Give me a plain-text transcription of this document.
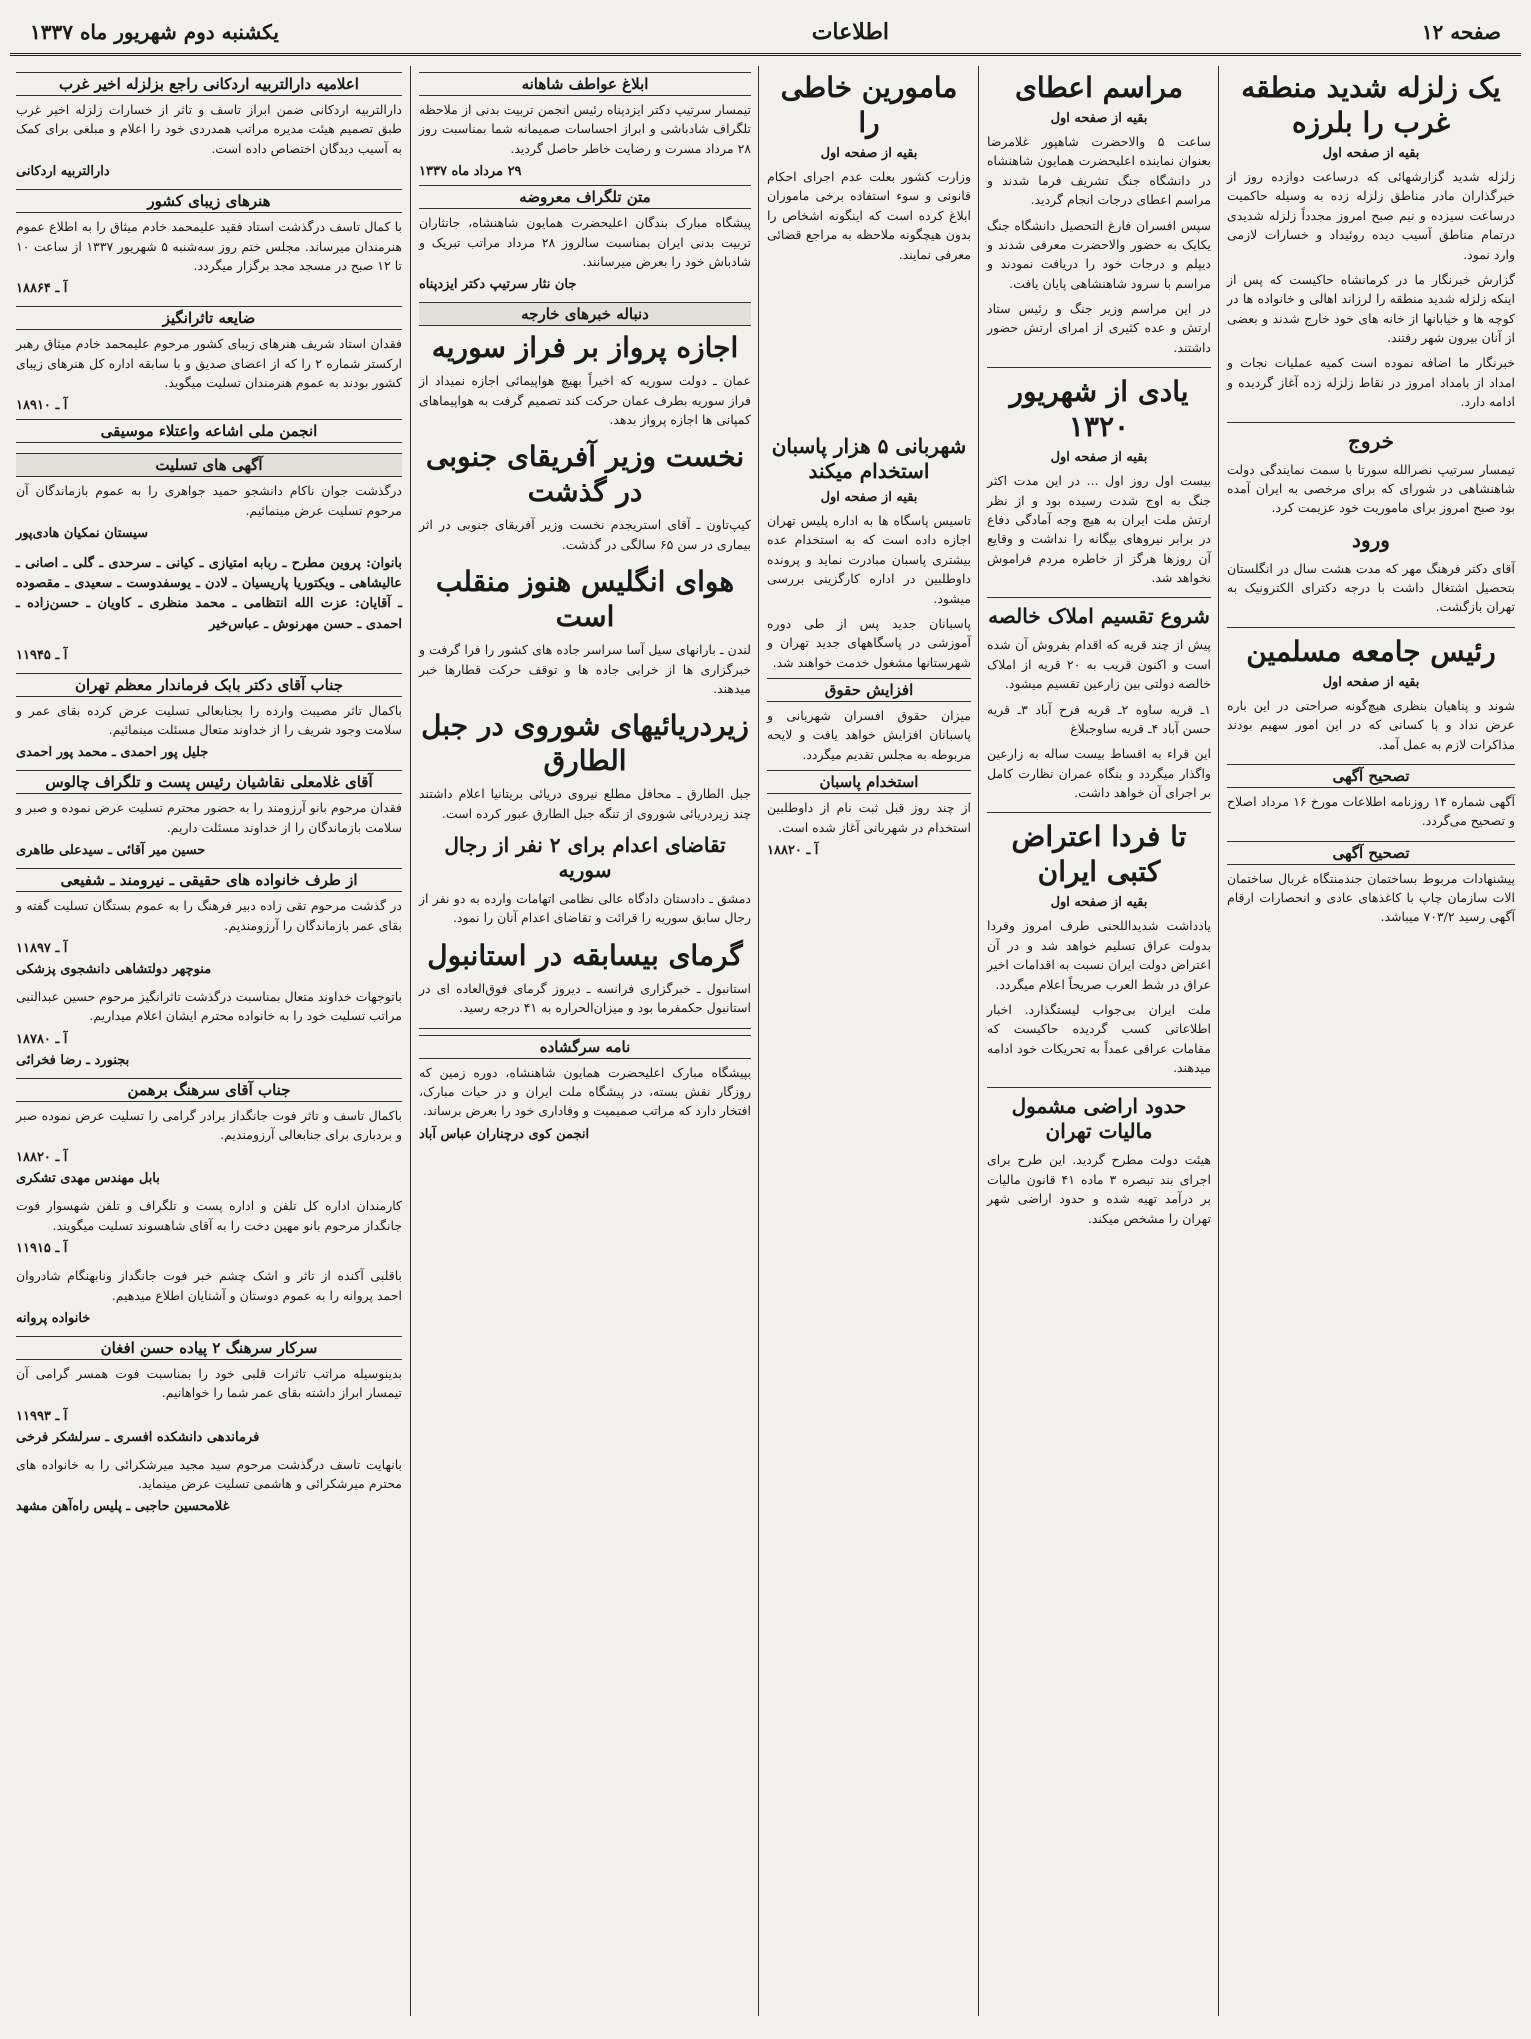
صفحه ۱۲
اطلاعات
یکشنبه دوم شهریور ماه ۱۳۳۷
یک زلزله شدید منطقه غرب را بلرزه
بقیه از صفحه اول

زلزله شدید گزارشهائی که درساعت دوازده روز از خبرگذاران مادر مناطق زلزله زده به وسیله حاکمیت درساعت سیزده و نیم صبح امروز مجدداً زلزله شدیدی درتمام مناطق آسیب دیده روئیداد و خسارات لازمی وارد نمود.

گزارش خبرنگار ما در کرمانشاه حاکیست که پس از اینکه زلزله شدید منطقه را لرزاند اهالی و خانواده ها در کوچه ها و خیابانها از خانه های خود خارج شدند و بعضی از آنان بیرون شهر رفتند.

خبرنگار ما اضافه نموده است کمیه عملیات نجات و امداد از بامداد امروز در نقاط زلزله زده آغاز گردیده و ادامه دارد.

خروج

تیمسار سرتیپ نصرالله سورتا با سمت نمایندگی دولت شاهنشاهی در شورای که برای مرخصی به ایران آمده بود صبح امروز برای ماموریت خود عزیمت کرد.

ورود

آقای دکتر فرهنگ مهر که مدت هشت سال در انگلستان بتحصیل اشتغال داشت با درجه دکترای الکترونیک به تهران بازگشت.

رئیس جامعه مسلمین
بقیه از صفحه اول

شوند و پناهیان بنظری هیچ‌گونه صراحتی در این باره عرض نداد و با کسانی که در این امور سهیم بودند مذاکرات لازم به عمل آمد.

تصحیح آگهی

آگهی شماره ۱۴ روزنامه اطلاعات مورخ ۱۶ مرداد اصلاح و تصحیح می‌گردد.

تصحیح آگهی

پیشنهادات مربوط بساختمان جندمنتگاه غربال ساختمان الات سازمان چاپ با کاغذهای عادی و انحصارات ارقام آگهی رسید ۷۰۳/۲ میباشد.

مراسم اعطای
بقیه از صفحه اول

ساعت ۵ والاحضرت شاهپور غلامرضا بعنوان نماینده اعلیحضرت همایون شاهنشاه در دانشگاه جنگ تشریف فرما شدند و مراسم اعطای درجات انجام گردید.

سپس افسران فارغ التحصیل دانشگاه جنگ یکایک به حضور والاحضرت معرفی شدند و دیپلم و درجات خود را دریافت نمودند و مراسم با سرود شاهنشاهی پایان یافت.

در این مراسم وزیر جنگ و رئیس ستاد ارتش و عده کثیری از امرای ارتش حضور داشتند.

یادی از شهریور ۱۳۲۰
بقیه از صفحه اول

بیست اول روز اول ... در این مدت اکثر جنگ به اوج شدت رسیده بود و از نظر ارتش ملت ایران به هیچ وجه آمادگی دفاع در برابر نیروهای بیگانه را نداشت و وقایع آن روزها هرگز از خاطره مردم فراموش نخواهد شد.

شروع تقسیم املاک خالصه

پیش از چند قریه که اقدام بفروش آن شده است و اکنون قریب به ۲۰ قریه از املاک خالصه دولتی بین زارعین تقسیم میشود.

۱ـ قریه ساوه ۲ـ قریه فرح آباد ۳ـ قریه حسن آباد ۴ـ قریه ساوجبلاغ

این قراء به اقساط بیست ساله به زارعین واگذار میگردد و بنگاه عمران نظارت کامل بر اجرای آن خواهد داشت.

تا فردا اعتراض کتبی ایران
بقیه از صفحه اول

یادداشت شدیداللحنی طرف امروز وفردا بدولت عراق تسلیم خواهد شد و در آن اعتراض دولت ایران نسبت به اقدامات اخیر عراق در شط العرب صریحاً اعلام میگردد.

ملت ایران بی‌جواب لیستگذارد. اخبار اطلاعاتی کسب گردیده حاکیست که مقامات عراقی عمداً به تحریکات خود ادامه میدهند.

حدود اراضی مشمول مالیات تهران

هیئت دولت مطرح گردید. این طرح برای اجرای بند تبصره ۳ ماده ۴۱ قانون مالیات بر درآمد تهیه شده و حدود اراضی شهر تهران را مشخص میکند.

مامورین خاطی را
بقیه از صفحه اول

وزارت کشور بعلت عدم اجرای احکام قانونی و سوء استفاده برخی ماموران ابلاغ کرده است که اینگونه اشخاص را بدون هیچگونه ملاحظه به مراجع قضائی معرفی نمایند.

ابلاغ عواطف شاهانه

تیمسار سرتیپ دکتر ایزدپناه رئیس انجمن تربیت بدنی از ملاحظه تلگراف شادباشی و ابراز احساسات صمیمانه شما بمناسبت روز ۲۸ مرداد مسرت و رضایت خاطر حاصل گردید.

۲۹ مرداد ماه ۱۳۳۷
متن تلگراف معروضه

پیشگاه مبارک بندگان اعلیحضرت همایون شاهنشاه، جانثاران تربیت بدنی ایران بمناسبت سالروز ۲۸ مرداد مراتب تبریک و شادباش خود را بعرض میرسانند.

جان نثار سرتیپ دکتر ایزدپناه
دنباله خبرهای خارجه
اجازه پرواز بر فراز سوریه

عمان ـ دولت سوریه که اخیراً بهیچ هواپیمائی اجازه نمیداد از فراز سوریه بطرف عمان حرکت کند تصمیم گرفت به هواپیماهای کمپانی ها اجازه پرواز بدهد.

نخست وزیر آفریقای جنوبی در گذشت

کیپ‌تاون ـ آقای استریجدم نخست وزیر آفریقای جنوبی در اثر بیماری در سن ۶۵ سالگی در گذشت.

هوای انگلیس هنوز منقلب است

لندن ـ بارانهای سیل آسا سراسر جاده های کشور را فرا گرفت و خبرگزاری ها از خرابی جاده ها و توقف حرکت قطارها خبر میدهند.

زیردریائیهای شوروی در جبل الطارق

جبل الطارق ـ محافل مطلع نیروی دریائی بریتانیا اعلام داشتند چند زیردریائی شوروی از تنگه جبل الطارق عبور کرده است.

تقاضای اعدام برای ۲ نفر از رجال سوریه

دمشق ـ دادستان دادگاه عالی نظامی اتهامات وارده به دو نفر از رجال سابق سوریه را قرائت و تقاضای اعدام آنان را نمود.

گرمای بیسابقه در استانبول

استانبول ـ خبرگزاری فرانسه ـ دیروز گرمای فوق‌العاده ای در استانبول حکمفرما بود و میزان‌الحراره به ۴۱ درجه رسید.

نامه سرگشاده

بپیشگاه مبارک اعلیحضرت همایون شاهنشاه، دوره زمین که روزگار نقش بسته، در پیشگاه ملت ایران و در حیات مبارک، افتخار دارد که مراتب صمیمیت و وفاداری خود را بعرض برساند.

انجمن کوی درچناران عباس آباد
شهربانی ۵ هزار پاسبان استخدام میکند
بقیه از صفحه اول

تاسیس پاسگاه ها به اداره پلیس تهران اجازه داده است که به استخدام عده بیشتری پاسبان مبادرت نماید و پرونده داوطلبین در اداره کارگزینی بررسی میشود.

پاسبانان جدید پس از طی دوره آموزشی در پاسگاههای جدید تهران و شهرستانها مشغول خدمت خواهند شد.

افزایش حقوق

میزان حقوق افسران شهربانی و پاسبانان افزایش خواهد یافت و لایحه مربوطه به مجلس تقدیم میگردد.

استخدام پاسبان

از چند روز قبل ثبت نام از داوطلبین استخدام در شهربانی آغاز شده است.

آ ـ ۱۸۸۲۰
اعلامیه دارالتربیه اردکانی راجع بزلزله اخیر غرب

دارالتربیه اردکانی ضمن ابراز تاسف و تاثر از خسارات زلزله اخیر غرب طبق تصمیم هیئت مدیره مراتب همدردی خود را اعلام و مبلغی برای کمک به آسیب دیدگان اختصاص داده است.

دارالتربیه اردکانی
هنرهای زیبای کشور

با کمال تاسف درگذشت استاد فقید علیمحمد خادم میثاق را به اطلاع عموم هنرمندان میرساند. مجلس ختم روز سه‌شنبه ۵ شهریور ۱۳۳۷ از ساعت ۱۰ تا ۱۲ صبح در مسجد مجد برگزار میگردد.

آ ـ ۱۸۸۶۴
ضایعه تاثرانگیز

فقدان استاد شریف هنرهای زیبای کشور مرحوم علیمحمد خادم میثاق رهبر ارکستر شماره ۲ را که از اعضای صدیق و با سابقه اداره کل هنرهای زیبای کشور بودند به عموم هنرمندان تسلیت میگوید.

آ ـ ۱۸۹۱۰
انجمن ملی اشاعه واعتلاء موسیقی
آگهی های تسلیت

درگذشت جوان ناکام دانشجو حمید جواهری را به عموم بازماندگان آن مرحوم تسلیت عرض مینمائیم.

سیستان نمکیان هادی‌پور

بانوان: پروین مطرح ـ ربابه امتیازی ـ کیانی ـ سرحدی ـ گلی ـ اصانی ـ عالیشاهی ـ ویکتوریا پاریسیان ـ لادن ـ یوسفدوست ـ سعیدی ـ مقصوده ـ آقایان: عزت الله انتظامی ـ محمد منظری ـ کاویان ـ حسن‌زاده ـ احمدی ـ حسن مهرنوش ـ عباس‌خیر

آ ـ ۱۱۹۴۵
جناب آقای دکتر بابک فرماندار معظم تهران

باکمال تاثر مصیبت وارده را بجنابعالی تسلیت عرض کرده بقای عمر و سلامت وجود شریف را از خداوند متعال مسئلت مینمائیم.

جلیل پور احمدی ـ محمد پور احمدی
آقای غلامعلی نقاشیان رئیس پست و تلگراف چالوس

فقدان مرحوم بانو آرزومند را به حضور محترم تسلیت عرض نموده و صبر و سلامت بازماندگان را از خداوند مسئلت داریم.

حسین میر آقائی ـ سیدعلی طاهری
از طرف خانواده های حقیقی ـ نیرومند ـ شفیعی

در گذشت مرحوم تقی زاده دبیر فرهنگ را به عموم بستگان تسلیت گفته و بقای عمر بازماندگان را آرزومندیم.

آ ـ ۱۱۸۹۷
منوچهر دولتشاهی دانشجوی پزشکی

باتوجهات خداوند متعال بمناسبت درگذشت تاثرانگیز مرحوم حسین عبدالنبی مراتب تسلیت خود را به خانواده محترم ایشان اعلام میداریم.

آ ـ ۱۸۷۸۰
بجنورد ـ رضا فخرائی
جناب آقای سرهنگ برهمن

باکمال تاسف و تاثر فوت جانگداز برادر گرامی را تسلیت عرض نموده صبر و بردباری برای جنابعالی آرزومندیم.

آ ـ ۱۸۸۲۰
بابل مهندس مهدی تشکری

کارمندان اداره کل تلفن و اداره پست و تلگراف و تلفن شهسوار فوت جانگداز مرحوم بانو مهین دخت را به آقای شاهسوند تسلیت میگویند.

آ ـ ۱۱۹۱۵

باقلبی آکنده از تاثر و اشک چشم خبر فوت جانگداز ونابهنگام شادروان احمد پروانه را به عموم دوستان و آشنایان اطلاع میدهیم.

خانواده پروانه
سرکار سرهنگ ۲ پیاده حسن افغان

بدینوسیله مراتب تاثرات قلبی خود را بمناسبت فوت همسر گرامی آن تیمسار ابراز داشته بقای عمر شما را خواهانیم.

آ ـ ۱۱۹۹۳
فرماندهی دانشکده افسری ـ سرلشکر فرخی

بانهایت تاسف درگذشت مرحوم سید مجید میرشکرائی را به خانواده های محترم میرشکرائی و هاشمی تسلیت عرض مینماید.

غلامحسین حاجبی ـ پلیس راه‌آهن مشهد
